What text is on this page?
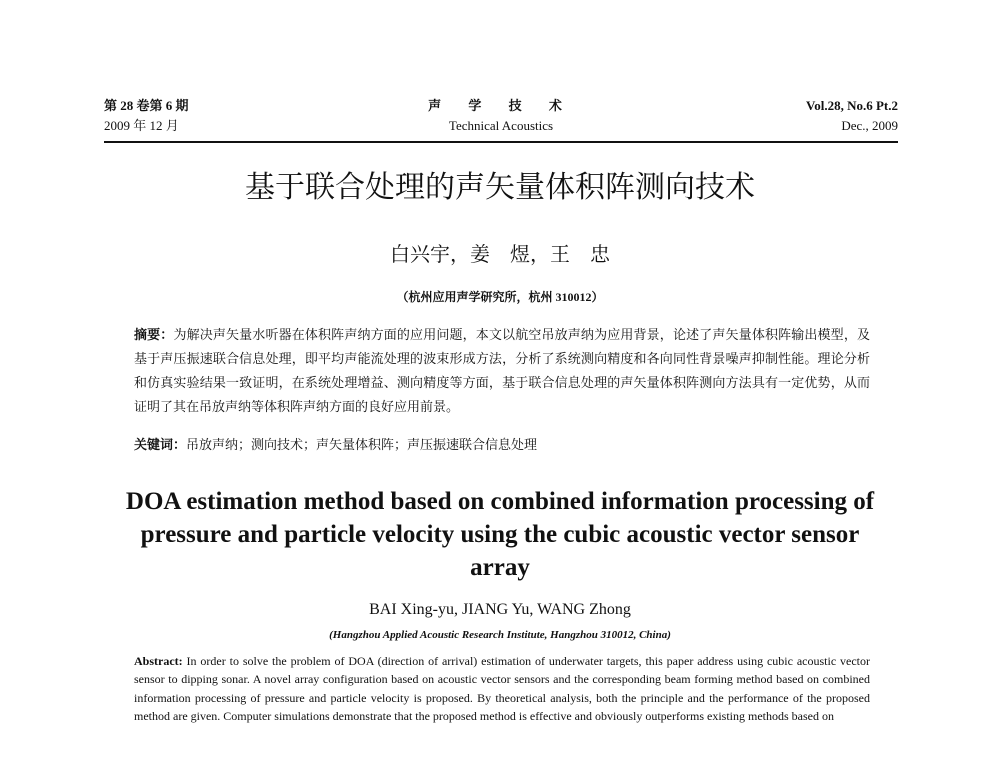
第 28 卷第 6 期
2009 年 12 月
声 学 技 术
Technical Acoustics
Vol.28, No.6 Pt.2
Dec., 2009
基于联合处理的声矢量体积阵测向技术
白兴宇，姜　煜，王　忠
（杭州应用声学研究所，杭州 310012）
摘要：为解决声矢量水听器在体积阵声纳方面的应用问题，本文以航空吊放声纳为应用背景，论述了声矢量体积阵输出模型，及基于声压振速联合信息处理，即平均声能流处理的波束形成方法，分析了系统测向精度和各向同性背景噪声抑制性能。理论分析和仿真实验结果一致证明，在系统处理增益、测向精度等方面，基于联合信息处理的声矢量体积阵测向方法具有一定优势，从而证明了其在吊放声纳等体积阵声纳方面的良好应用前景。
关键词：吊放声纳；测向技术；声矢量体积阵；声压振速联合信息处理
DOA estimation method based on combined information processing of pressure and particle velocity using the cubic acoustic vector sensor array
BAI Xing-yu, JIANG Yu, WANG Zhong
(Hangzhou Applied Acoustic Research Institute, Hangzhou 310012, China)
Abstract: In order to solve the problem of DOA (direction of arrival) estimation of underwater targets, this paper address using cubic acoustic vector sensor to dipping sonar. A novel array configuration based on acoustic vector sensors and the corresponding beam forming method based on combined information processing of pressure and particle velocity is proposed. By theoretical analysis, both the principle and the performance of the proposed method are given. Computer simulations demonstrate that the proposed method is effective and obviously outperforms existing methods based on
